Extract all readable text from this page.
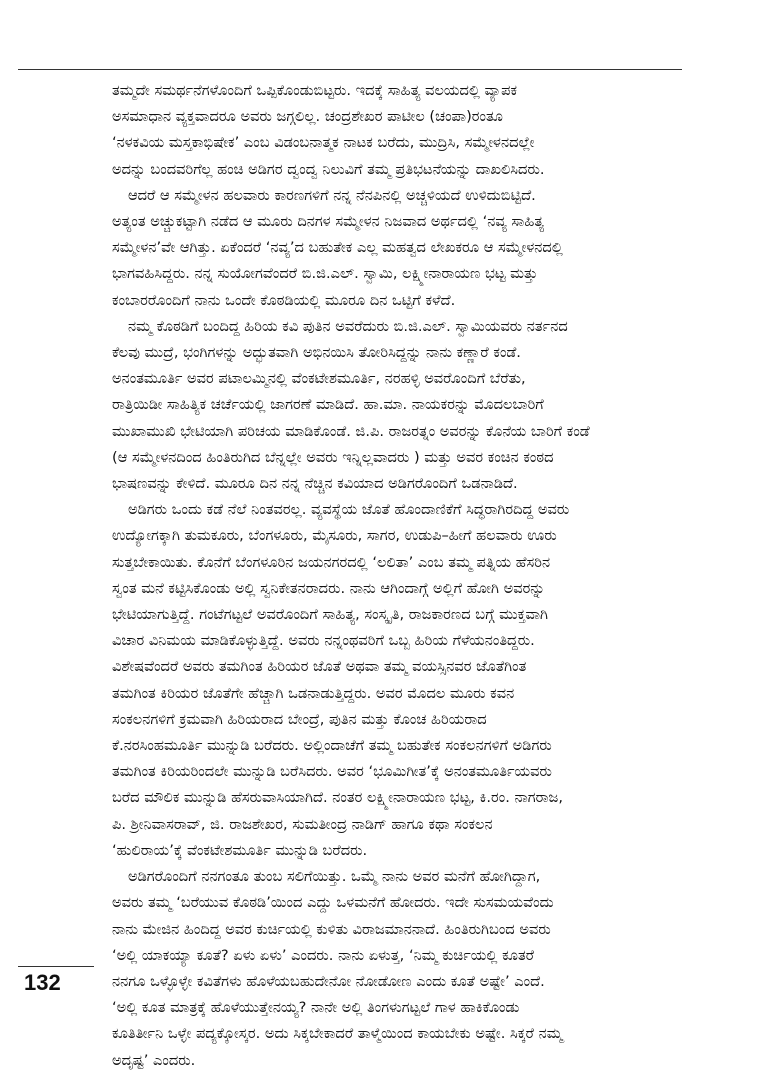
ತಮ್ಮದೇ ಸಮರ್ಥನೆಗಳೊಂದಿಗೆ ಒಪ್ಪಿಕೊಂಡುಬಿಟ್ಟರು. ಇದಕ್ಕೆ ಸಾಹಿತ್ಯ ವಲಯದಲ್ಲಿ ವ್ಯಾಪಕ
ಅಸಮಾಧಾನ ವ್ಯಕ್ತವಾದರೂ ಅವರು ಜಗ್ಗಲಿಲ್ಲ. ಚಂದ್ರಶೇಖರ ಪಾಟೀಲ (ಚಂಪಾ)ರಂತೂ
‘ನಳಕವಿಯ ಮಸ್ತಕಾಭಿಷೇಕ’ ಎಂಬ ವಿಡಂಬನಾತ್ಮಕ ನಾಟಕ ಬರೆದು, ಮುದ್ರಿಸಿ, ಸಮ್ಮೇಳನದಲ್ಲೇ
ಅದನ್ನು ಬಂದವರಿಗೆಲ್ಲ ಹಂಚಿ ಅಡಿಗರ ದ್ವಂದ್ವ ನಿಲುವಿಗೆ ತಮ್ಮ ಪ್ರತಿಭಟನೆಯನ್ನು ದಾಖಲಿಸಿದರು.

ಆದರೆ ಆ ಸಮ್ಮೇಳನ ಹಲವಾರು ಕಾರಣಗಳಿಗೆ ನನ್ನ ನೆನಪಿನಲ್ಲಿ ಅಚ್ಚಳಿಯದೆ ಉಳಿದುಬಿಟ್ಟಿದೆ.
ಅತ್ಯಂತ ಅಚ್ಚುಕಟ್ಟಾಗಿ ನಡೆದ ಆ ಮೂರು ದಿನಗಳ ಸಮ್ಮೇಳನ ನಿಜವಾದ ಅರ್ಥದಲ್ಲಿ ‘ನವ್ಯ ಸಾಹಿತ್ಯ
ಸಮ್ಮೇಳನ’ವೇ ಆಗಿತ್ತು. ಏಕೆಂದರೆ ‘ನವ್ಯ’ದ ಬಹುತೇಕ ಎಲ್ಲ ಮಹತ್ವದ ಲೇಖಕರೂ ಆ ಸಮ್ಮೇಳನದಲ್ಲಿ
ಭಾಗವಹಿಸಿದ್ದರು. ನನ್ನ ಸುಯೋಗವೆಂದರೆ ಬಿ.ಜಿ.ಎಲ್. ಸ್ವಾಮಿ, ಲಕ್ಷ್ಮೀನಾರಾಯಣ ಭಟ್ಟ ಮತ್ತು
ಕಂಬಾರರೊಂದಿಗೆ ನಾನು ಒಂದೇ ಕೊಠಡಿಯಲ್ಲಿ ಮೂರೂ ದಿನ ಒಟ್ಟಿಗೆ ಕಳೆದೆ.

ನಮ್ಮ ಕೊಠಡಿಗೆ ಬಂದಿದ್ದ ಹಿರಿಯ ಕವಿ ಪುತಿನ ಅವರೆದುರು ಬಿ.ಜಿ.ಎಲ್. ಸ್ವಾಮಿಯವರು ನರ್ತನದ
ಕೆಲವು ಮುದ್ರೆ, ಭಂಗಿಗಳನ್ನು ಅದ್ಭುತವಾಗಿ ಅಭಿನಯಿಸಿ ತೋರಿಸಿದ್ದನ್ನು ನಾನು ಕಣ್ಣಾರೆ ಕಂಡೆ.
ಅನಂತಮೂರ್ತಿ ಅವರ ಪಟಾಲಮ್ಮಿನಲ್ಲಿ ವೆಂಕಟೇಶಮೂರ್ತಿ, ನರಹಳ್ಳಿ ಅವರೊಂದಿಗೆ ಬೆರೆತು,
ರಾತ್ರಿಯಿಡೀ ಸಾಹಿತ್ಯಿಕ ಚರ್ಚೆಯಲ್ಲಿ ಜಾಗರಣೆ ಮಾಡಿದೆ. ಹಾ.ಮಾ. ನಾಯಕರನ್ನು ಮೊದಲಬಾರಿಗೆ
ಮುಖಾಮುಖಿ ಭೇಟಿಯಾಗಿ ಪರಿಚಯ ಮಾಡಿಕೊಂಡೆ. ಜಿ.ಪಿ. ರಾಜರತ್ನಂ ಅವರನ್ನು ಕೊನೆಯ ಬಾರಿಗೆ ಕಂಡೆ
(ಆ ಸಮ್ಮೇಳನದಿಂದ ಹಿಂತಿರುಗಿದ ಬೆನ್ನಲ್ಲೇ ಅವರು ಇನ್ನಿಲ್ಲವಾದರು ) ಮತ್ತು ಅವರ ಕಂಚಿನ ಕಂಠದ
ಭಾಷಣವನ್ನು ಕೇಳಿದೆ. ಮೂರೂ ದಿನ ನನ್ನ ನೆಚ್ಚಿನ ಕವಿಯಾದ ಅಡಿಗರೊಂದಿಗೆ ಒಡನಾಡಿದೆ.

ಅಡಿಗರು ಒಂದು ಕಡೆ ನೆಲೆ ನಿಂತವರಲ್ಲ. ವ್ಯವಸ್ಥೆಯ ಜೊತೆ ಹೊಂದಾಣಿಕೆಗೆ ಸಿದ್ಧರಾಗಿರದಿದ್ದ ಅವರು
ಉದ್ಯೋಗಕ್ಕಾಗಿ ತುಮಕೂರು, ಬೆಂಗಳೂರು, ಮೈಸೂರು, ಸಾಗರ, ಉಡುಪಿ–ಹೀಗೆ ಹಲವಾರು ಊರು
ಸುತ್ತಬೇಕಾಯಿತು. ಕೊನೆಗೆ ಬೆಂಗಳೂರಿನ ಜಯನಗರದಲ್ಲಿ ‘ಲಲಿತಾ’ ಎಂಬ ತಮ್ಮ ಪತ್ನಿಯ ಹೆಸರಿನ
ಸ್ವಂತ ಮನೆ ಕಟ್ಟಿಸಿಕೊಂಡು ಅಲ್ಲಿ ಸ್ವನಿಕೇತನರಾದರು. ನಾನು ಆಗಿಂದಾಗ್ಗೆ ಅಲ್ಲಿಗೆ ಹೋಗಿ ಅವರನ್ನು
ಭೇಟಿಯಾಗುತ್ತಿದ್ದೆ. ಗಂಟೆಗಟ್ಟಲೆ ಅವರೊಂದಿಗೆ ಸಾಹಿತ್ಯ, ಸಂಸ್ಕೃತಿ, ರಾಜಕಾರಣದ ಬಗ್ಗೆ ಮುಕ್ತವಾಗಿ
ವಿಚಾರ ವಿನಿಮಯ ಮಾಡಿಕೊಳ್ಳುತ್ತಿದ್ದೆ. ಅವರು ನನ್ನಂಥವರಿಗೆ ಒಬ್ಬ ಹಿರಿಯ ಗೆಳೆಯನಂತಿದ್ದರು.
ವಿಶೇಷವೆಂದರೆ ಅವರು ತಮಗಿಂತ ಹಿರಿಯರ ಜೊತೆ ಅಥವಾ ತಮ್ಮ ವಯಸ್ಸಿನವರ ಜೊತೆಗಿಂತ
ತಮಗಿಂತ ಕಿರಿಯರ ಜೊತೆಗೇ ಹೆಚ್ಚಾಗಿ ಒಡನಾಡುತ್ತಿದ್ದರು. ಅವರ ಮೊದಲ ಮೂರು ಕವನ
ಸಂಕಲನಗಳಿಗೆ ಕ್ರಮವಾಗಿ ಹಿರಿಯರಾದ ಬೇಂದ್ರೆ, ಪುತಿನ ಮತ್ತು ಕೊಂಚ ಹಿರಿಯರಾದ
ಕೆ.ನರಸಿಂಹಮೂರ್ತಿ ಮುನ್ನುಡಿ ಬರೆದರು. ಅಲ್ಲಿಂದಾಚೆಗೆ ತಮ್ಮ ಬಹುತೇಕ ಸಂಕಲನಗಳಿಗೆ ಅಡಿಗರು
ತಮಗಿಂತ ಕಿರಿಯರಿಂದಲೇ ಮುನ್ನುಡಿ ಬರೆಸಿದರು. ಅವರ ‘ಭೂಮಿಗೀತ’ಕ್ಕೆ ಅನಂತಮೂರ್ತಿಯವರು
ಬರೆದ ಮೌಲಿಕ ಮುನ್ನುಡಿ ಹೆಸರುವಾಸಿಯಾಗಿದೆ. ನಂತರ ಲಕ್ಷ್ಮೀನಾರಾಯಣ ಭಟ್ಟ, ಕಿ.ರಂ. ನಾಗರಾಜ,
ಪಿ. ಶ್ರೀನಿವಾಸರಾವ್, ಜಿ. ರಾಜಶೇಖರ, ಸುಮತೀಂದ್ರ ನಾಡಿಗ್ ಹಾಗೂ ಕಥಾ ಸಂಕಲನ
‘ಹುಲಿರಾಯ’ಕ್ಕೆ ವೆಂಕಟೇಶಮೂರ್ತಿ ಮುನ್ನುಡಿ ಬರೆದರು.

ಅಡಿಗರೊಂದಿಗೆ ನನಗಂತೂ ತುಂಬ ಸಲಿಗೆಯಿತ್ತು. ಒಮ್ಮೆ ನಾನು ಅವರ ಮನೆಗೆ ಹೋಗಿದ್ದಾಗ,
ಅವರು ತಮ್ಮ ‘ಬರೆಯುವ ಕೊಠಡಿ’ಯಿಂದ ಎದ್ದು ಒಳಮನೆಗೆ ಹೋದರು. ಇದೇ ಸುಸಮಯವೆಂದು
ನಾನು ಮೇಜಿನ ಹಿಂದಿದ್ದ ಅವರ ಕುರ್ಚಿಯಲ್ಲಿ ಕುಳಿತು ವಿರಾಜಮಾನನಾದೆ. ಹಿಂತಿರುಗಿಬಂದ ಅವರು
‘ಅಲ್ಲಿ ಯಾಕಯ್ಯಾ ಕೂತೆ? ಏಳು ಏಳು’ ಎಂದರು. ನಾನು ಏಳುತ್ತ, ‘ನಿಮ್ಮ ಕುರ್ಚಿಯಲ್ಲಿ ಕೂತರೆ
ನನಗೂ ಒಳ್ಳೊಳ್ಳೇ ಕವಿತೆಗಳು ಹೊಳೆಯಬಹುದೇನೋ ನೋಡೋಣ ಎಂದು ಕೂತೆ ಅಷ್ಟೇ’ ಎಂದೆ.
‘ಅಲ್ಲಿ ಕೂತ ಮಾತ್ರಕ್ಕೆ ಹೊಳೆಯುತ್ತೇನಯ್ಯ? ನಾನೇ ಅಲ್ಲಿ ತಿಂಗಳುಗಟ್ಟಲೆ ಗಾಳ ಹಾಕಿಕೊಂಡು
ಕೂತಿರ್ತೀನಿ ಒಳ್ಳೇ ಪದ್ಯಕ್ಕೋಸ್ಕರ. ಅದು ಸಿಕ್ಕಬೇಕಾದರೆ ತಾಳ್ಮೆಯಿಂದ ಕಾಯಬೇಕು ಅಷ್ಟೇ. ಸಿಕ್ಕರೆ ನಮ್ಮ
ಅದೃಷ್ಟ’ ಎಂದರು.

132
